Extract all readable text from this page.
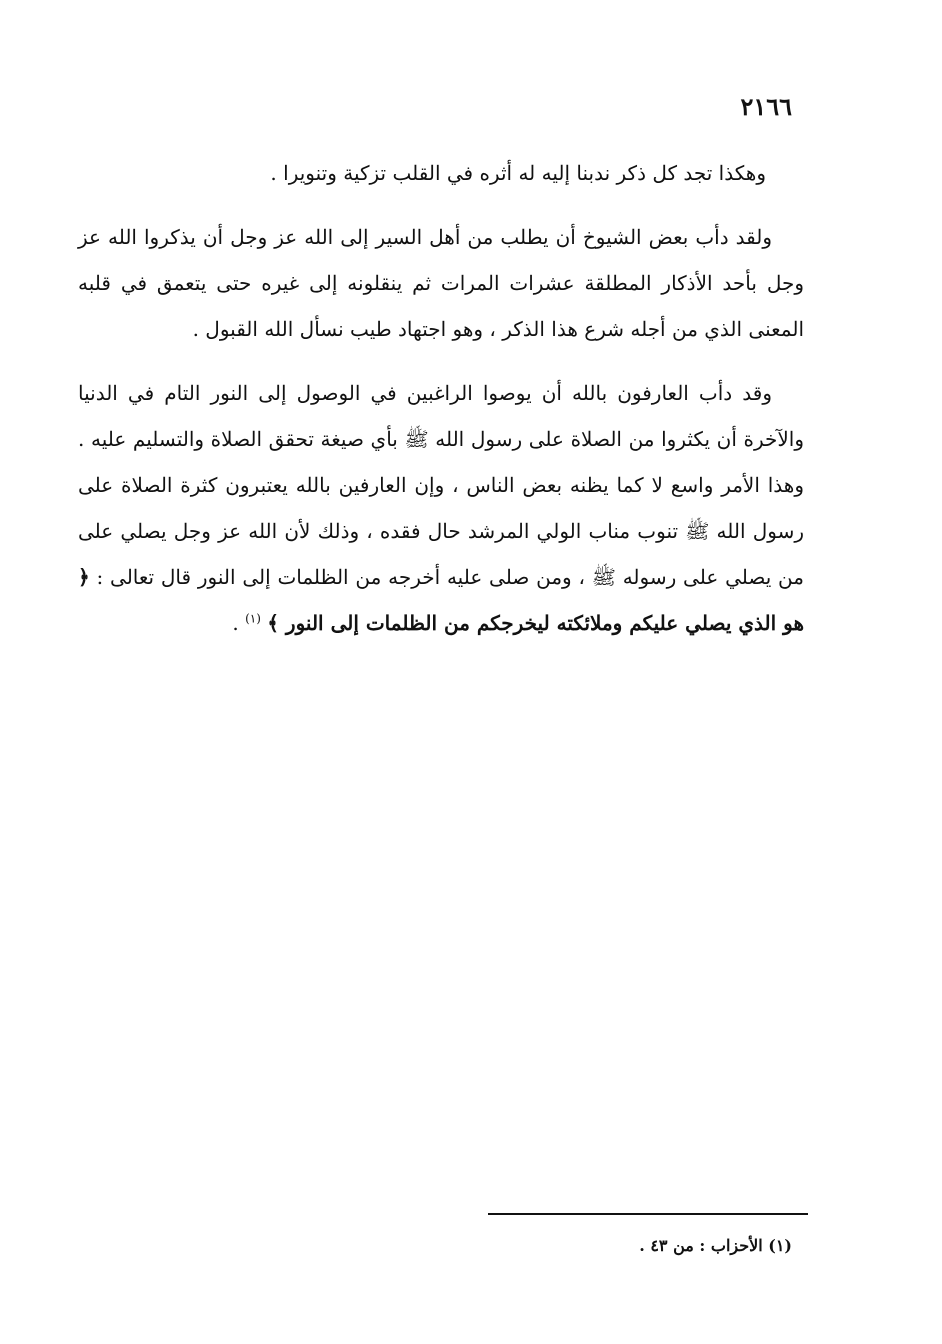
٢١٦٦

وهكذا تجد كل ذكر ندبنا إليه له أثره في القلب تزكية وتنويرا .

ولقد دأب بعض الشيوخ أن يطلب من أهل السير إلى الله عز وجل أن يذكروا الله عز وجل بأحد الأذكار المطلقة عشرات المرات ثم ينقلونه إلى غيره حتى يتعمق في قلبه المعنى الذي من أجله شرع هذا الذكر ، وهو اجتهاد طيب نسأل الله القبول .

وقد دأب العارفون بالله أن يوصوا الراغبين في الوصول إلى النور التام في الدنيا والآخرة أن يكثروا من الصلاة على رسول الله ﷺ بأي صيغة تحقق الصلاة والتسليم عليه . وهذا الأمر واسع لا كما يظنه بعض الناس ، وإن العارفين بالله يعتبرون كثرة الصلاة على رسول الله ﷺ تنوب مناب الولي المرشد حال فقده ، وذلك لأن الله عز وجل يصلي على من يصلي على رسوله ﷺ ، ومن صلى عليه أخرجه من الظلمات إلى النور قال تعالى : ﴿ هو الذي يصلي عليكم وملائكته ليخرجكم من الظلمات إلى النور ﴾ $^{(١)}$ .

(١) الأحزاب : من ٤٣ .
